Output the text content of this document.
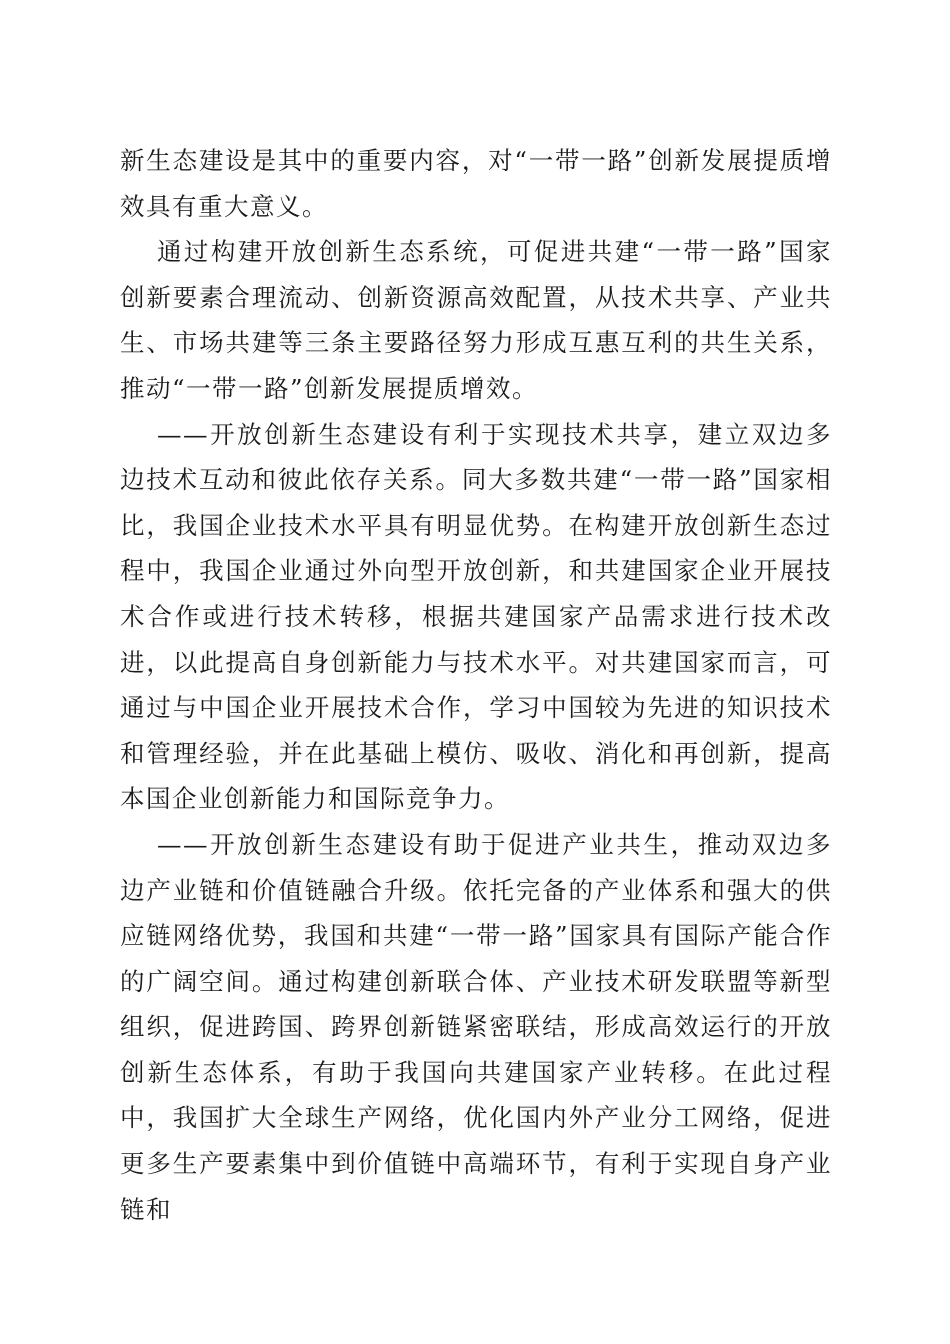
新生态建设是其中的重要内容，对“一带一路”创新发展提质增效具有重大意义。

通过构建开放创新生态系统，可促进共建“一带一路”国家创新要素合理流动、创新资源高效配置，从技术共享、产业共生、市场共建等三条主要路径努力形成互惠互利的共生关系，推动“一带一路”创新发展提质增效。

——开放创新生态建设有利于实现技术共享，建立双边多边技术互动和彼此依存关系。同大多数共建“一带一路”国家相比，我国企业技术水平具有明显优势。在构建开放创新生态过程中，我国企业通过外向型开放创新，和共建国家企业开展技术合作或进行技术转移，根据共建国家产品需求进行技术改进，以此提高自身创新能力与技术水平。对共建国家而言，可通过与中国企业开展技术合作，学习中国较为先进的知识技术和管理经验，并在此基础上模仿、吸收、消化和再创新，提高本国企业创新能力和国际竞争力。

——开放创新生态建设有助于促进产业共生，推动双边多边产业链和价值链融合升级。依托完备的产业体系和强大的供应链网络优势，我国和共建“一带一路”国家具有国际产能合作的广阔空间。通过构建创新联合体、产业技术研发联盟等新型组织，促进跨国、跨界创新链紧密联结，形成高效运行的开放创新生态体系，有助于我国向共建国家产业转移。在此过程中，我国扩大全球生产网络，优化国内外产业分工网络，促进更多生产要素集中到价值链中高端环节，有利于实现自身产业链和
